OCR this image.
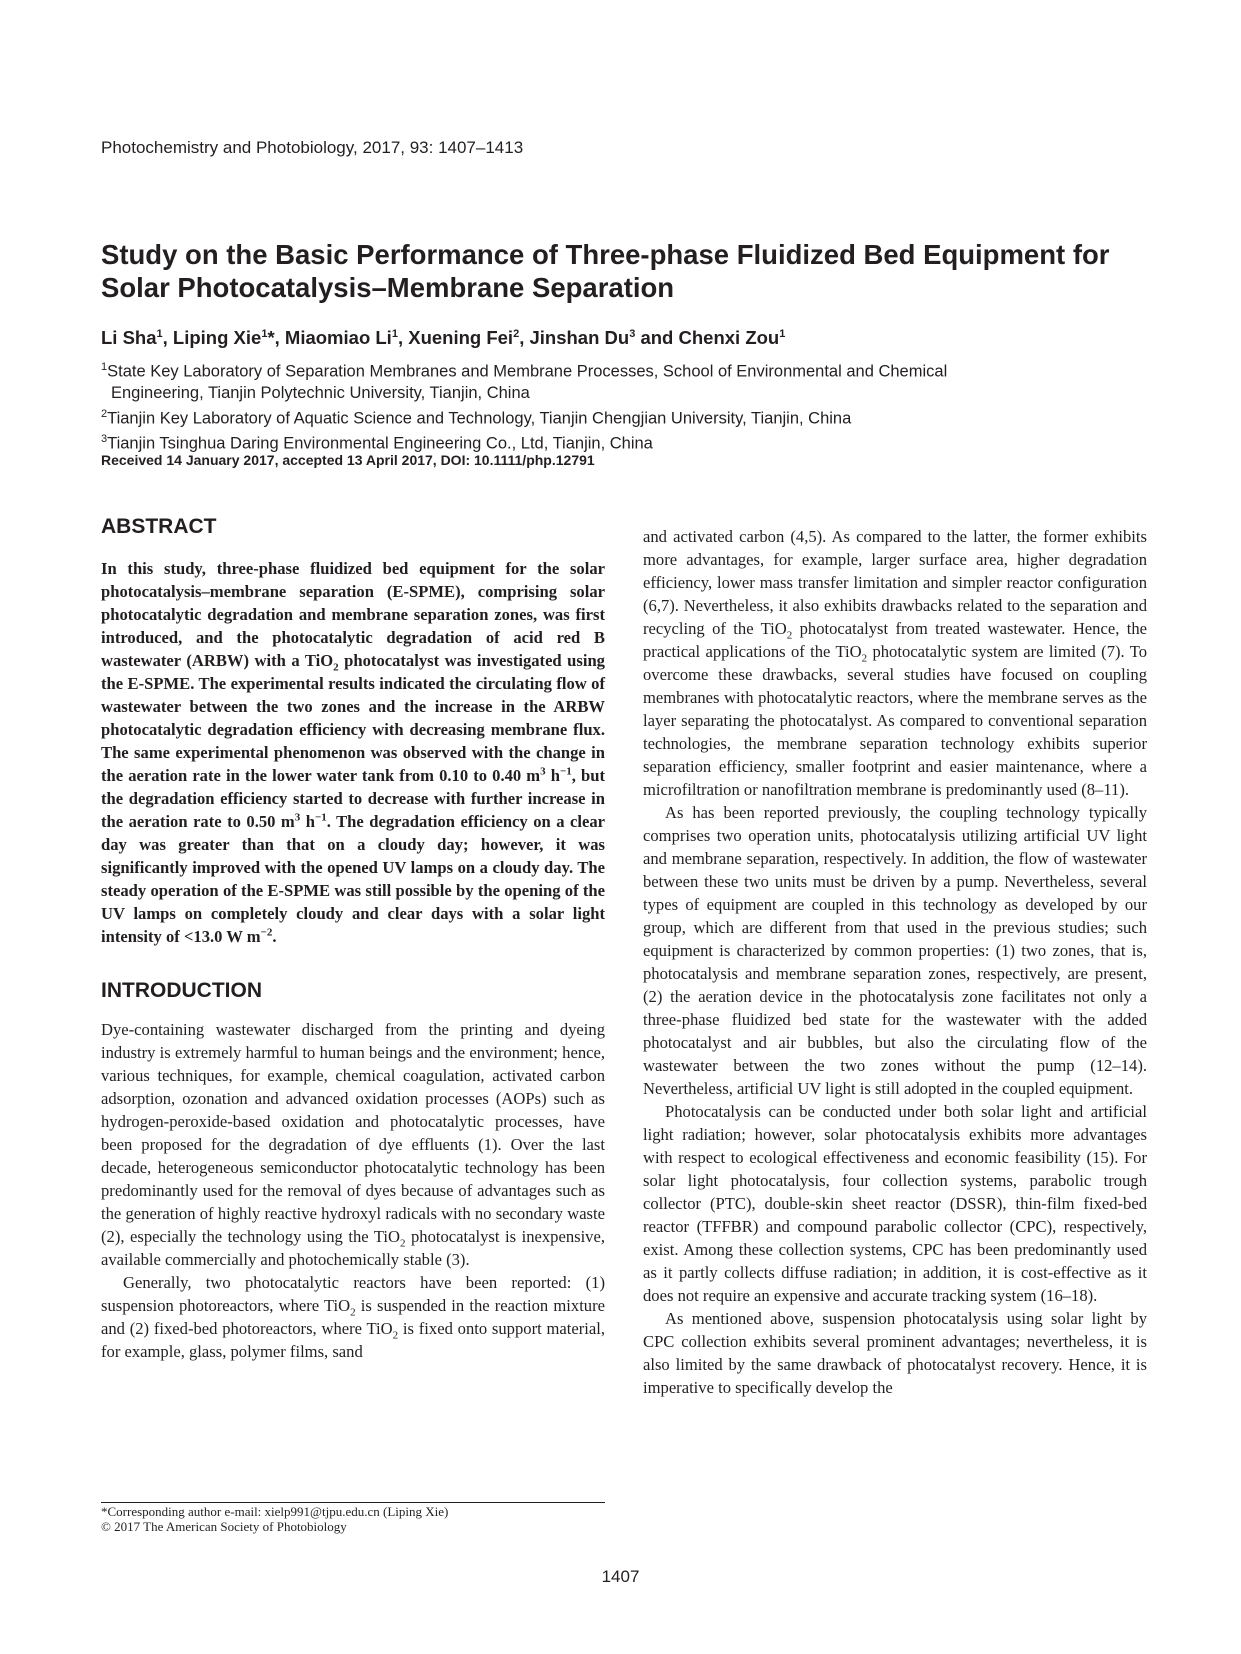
Photochemistry and Photobiology, 2017, 93: 1407–1413
Study on the Basic Performance of Three-phase Fluidized Bed Equipment for Solar Photocatalysis–Membrane Separation
Li Sha$^1$, Liping Xie$^1$*, Miaomiao Li$^1$, Xuening Fei$^2$, Jinshan Du$^3$ and Chenxi Zou$^1$

$^1$State Key Laboratory of Separation Membranes and Membrane Processes, School of Environmental and Chemical

Engineering, Tianjin Polytechnic University, Tianjin, China

$^2$Tianjin Key Laboratory of Aquatic Science and Technology, Tianjin Chengjian University, Tianjin, China

$^3$Tianjin Tsinghua Daring Environmental Engineering Co., Ltd, Tianjin, China

Received 14 January 2017, accepted 13 April 2017, DOI: 10.1111/php.12791
ABSTRACT

In this study, three-phase fluidized bed equipment for the solar photocatalysis–membrane separation (E-SPME), comprising solar photocatalytic degradation and membrane separation zones, was first introduced, and the photocatalytic degradation of acid red B wastewater (ARBW) with a TiO$_2$ photocatalyst was investigated using the E-SPME. The experimental results indicated the circulating flow of wastewater between the two zones and the increase in the ARBW photocatalytic degradation efficiency with decreasing membrane flux. The same experimental phenomenon was observed with the change in the aeration rate in the lower water tank from 0.10 to 0.40 $m^3$ $h^{-1}$, but the degradation efficiency started to decrease with further increase in the aeration rate to 0.50 $m^3$ $h^{-1}$. The degradation efficiency on a clear day was greater than that on a cloudy day; however, it was significantly improved with the opened UV lamps on a cloudy day. The steady operation of the E-SPME was still possible by the opening of the UV lamps on completely cloudy and clear days with a solar light intensity of <13.0 W $m^{-2}$.

INTRODUCTION

Dye-containing wastewater discharged from the printing and dyeing industry is extremely harmful to human beings and the environment; hence, various techniques, for example, chemical coagulation, activated carbon adsorption, ozonation and advanced oxidation processes (AOPs) such as hydrogen-peroxide-based oxidation and photocatalytic processes, have been proposed for the degradation of dye effluents (1). Over the last decade, heterogeneous semiconductor photocatalytic technology has been predominantly used for the removal of dyes because of advantages such as the generation of highly reactive hydroxyl radicals with no secondary waste (2), especially the technology using the TiO$_2$ photocatalyst is inexpensive, available commercially and photochemically stable (3).

Generally, two photocatalytic reactors have been reported: (1) suspension photoreactors, where TiO$_2$ is suspended in the reaction mixture and (2) fixed-bed photoreactors, where TiO$_2$ is fixed onto support material, for example, glass, polymer films, sand

and activated carbon (4,5). As compared to the latter, the former exhibits more advantages, for example, larger surface area, higher degradation efficiency, lower mass transfer limitation and simpler reactor configuration (6,7). Nevertheless, it also exhibits drawbacks related to the separation and recycling of the TiO$_2$ photocatalyst from treated wastewater. Hence, the practical applications of the TiO$_2$ photocatalytic system are limited (7). To overcome these drawbacks, several studies have focused on coupling membranes with photocatalytic reactors, where the membrane serves as the layer separating the photocatalyst. As compared to conventional separation technologies, the membrane separation technology exhibits superior separation efficiency, smaller footprint and easier maintenance, where a microfiltration or nanofiltration membrane is predominantly used (8–11).

As has been reported previously, the coupling technology typically comprises two operation units, photocatalysis utilizing artificial UV light and membrane separation, respectively. In addition, the flow of wastewater between these two units must be driven by a pump. Nevertheless, several types of equipment are coupled in this technology as developed by our group, which are different from that used in the previous studies; such equipment is characterized by common properties: (1) two zones, that is, photocatalysis and membrane separation zones, respectively, are present, (2) the aeration device in the photocatalysis zone facilitates not only a three-phase fluidized bed state for the wastewater with the added photocatalyst and air bubbles, but also the circulating flow of the wastewater between the two zones without the pump (12–14). Nevertheless, artificial UV light is still adopted in the coupled equipment.

Photocatalysis can be conducted under both solar light and artificial light radiation; however, solar photocatalysis exhibits more advantages with respect to ecological effectiveness and economic feasibility (15). For solar light photocatalysis, four collection systems, parabolic trough collector (PTC), double-skin sheet reactor (DSSR), thin-film fixed-bed reactor (TFFBR) and compound parabolic collector (CPC), respectively, exist. Among these collection systems, CPC has been predominantly used as it partly collects diffuse radiation; in addition, it is cost-effective as it does not require an expensive and accurate tracking system (16–18).

As mentioned above, suspension photocatalysis using solar light by CPC collection exhibits several prominent advantages; nevertheless, it is also limited by the same drawback of photocatalyst recovery. Hence, it is imperative to specifically develop the

*Corresponding author e-mail: xielp991@tjpu.edu.cn (Liping Xie)

© 2017 The American Society of Photobiology

1407
